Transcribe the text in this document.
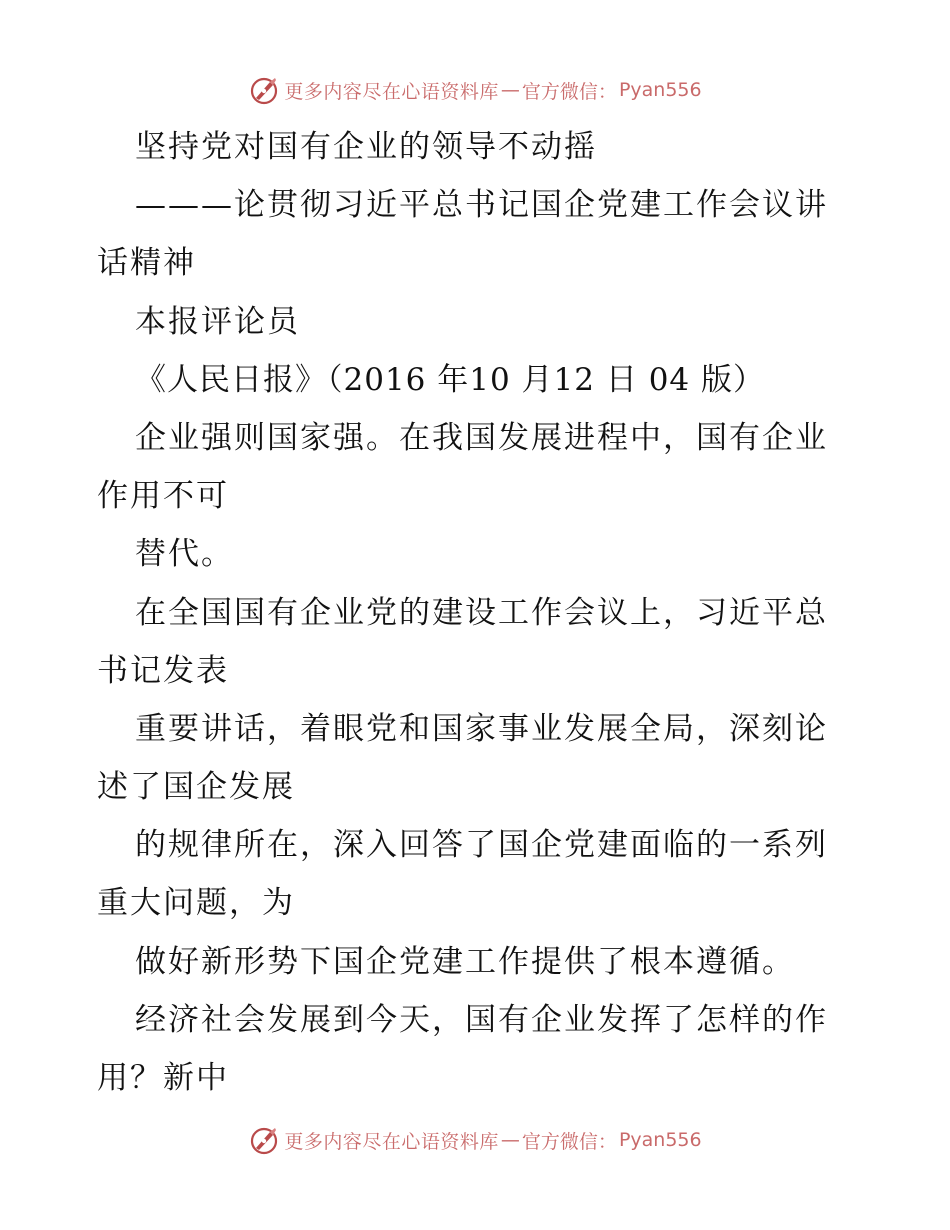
更多内容尽在心语资料库 — 官方微信： Pyan556
坚持党对国有企业的领导不动摇
———论贯彻习近平总书记国企党建工作会议讲
话精神
本报评论员
《人民日报》（2016 年10 月12 日 04 版）
企业强则国家强。在我国发展进程中，国有企业
作用不可
替代。
在全国国有企业党的建设工作会议上，习近平总
书记发表
重要讲话，着眼党和国家事业发展全局，深刻论
述了国企发展
的规律所在，深入回答了国企党建面临的一系列
重大问题，为
做好新形势下国企党建工作提供了根本遵循。
经济社会发展到今天，国有企业发挥了怎样的作
用？新中
更多内容尽在心语资料库 — 官方微信： Pyan556
